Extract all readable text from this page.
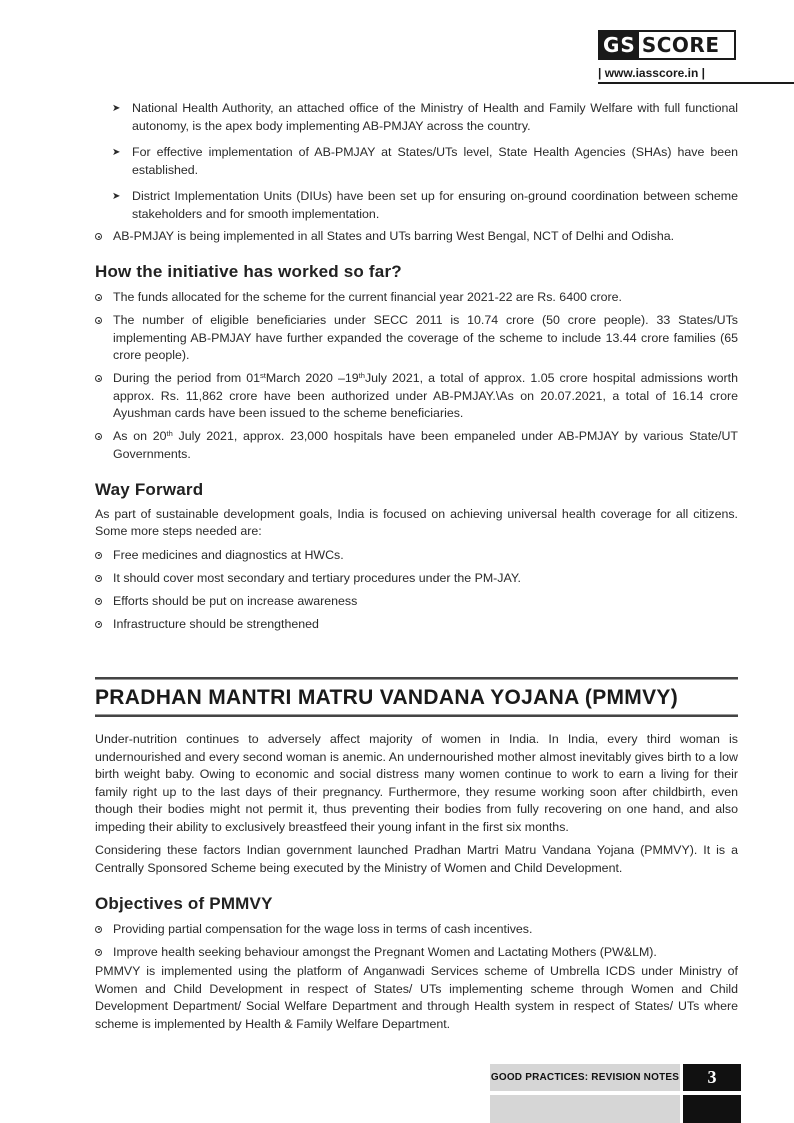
GS SCORE
| www.iasscore.in |
➤ National Health Authority, an attached office of the Ministry of Health and Family Welfare with full functional autonomy, is the apex body implementing AB-PMJAY across the country.
➤ For effective implementation of AB-PMJAY at States/UTs level, State Health Agencies (SHAs) have been established.
➤ District Implementation Units (DIUs) have been set up for ensuring on-ground coordination between scheme stakeholders and for smooth implementation.
AB-PMJAY is being implemented in all States and UTs barring West Bengal, NCT of Delhi and Odisha.
How the initiative has worked so far?
The funds allocated for the scheme for the current financial year 2021-22 are Rs. 6400 crore.
The number of eligible beneficiaries under SECC 2011 is 10.74 crore (50 crore people). 33 States/UTs implementing AB-PMJAY have further expanded the coverage of the scheme to include 13.44 crore families (65 crore people).
During the period from 01stMarch 2020 –19thJuly 2021, a total of approx. 1.05 crore hospital admissions worth approx. Rs. 11,862 crore have been authorized under AB-PMJAY.\As on 20.07.2021, a total of 16.14 crore Ayushman cards have been issued to the scheme beneficiaries.
As on 20th July 2021, approx. 23,000 hospitals have been empaneled under AB-PMJAY by various State/UT Governments.
Way Forward

As part of sustainable development goals, India is focused on achieving universal health coverage for all citizens. Some more steps needed are:

Free medicines and diagnostics at HWCs.
It should cover most secondary and tertiary procedures under the PM-JAY.
Efforts should be put on increase awareness
Infrastructure should be strengthened
PRADHAN MANTRI MATRU VANDANA YOJANA (PMMVY)

Under-nutrition continues to adversely affect majority of women in India. In India, every third woman is undernourished and every second woman is anemic. An undernourished mother almost inevitably gives birth to a low birth weight baby. Owing to economic and social distress many women continue to work to earn a living for their family right up to the last days of their pregnancy. Furthermore, they resume working soon after childbirth, even though their bodies might not permit it, thus preventing their bodies from fully recovering on one hand, and also impeding their ability to exclusively breastfeed their young infant in the first six months.

Considering these factors Indian government launched Pradhan Martri Matru Vandana Yojana (PMMVY). It is a Centrally Sponsored Scheme being executed by the Ministry of Women and Child Development.

Objectives of PMMVY
Providing partial compensation for the wage loss in terms of cash incentives.
Improve health seeking behaviour amongst the Pregnant Women and Lactating Mothers (PW&LM).

PMMVY is implemented using the platform of Anganwadi Services scheme of Umbrella ICDS under Ministry of Women and Child Development in respect of States/ UTs implementing scheme through Women and Child Development Department/ Social Welfare Department and through Health system in respect of States/ UTs where scheme is implemented by Health & Family Welfare Department.

GOOD PRACTICES: REVISION NOTES	3
